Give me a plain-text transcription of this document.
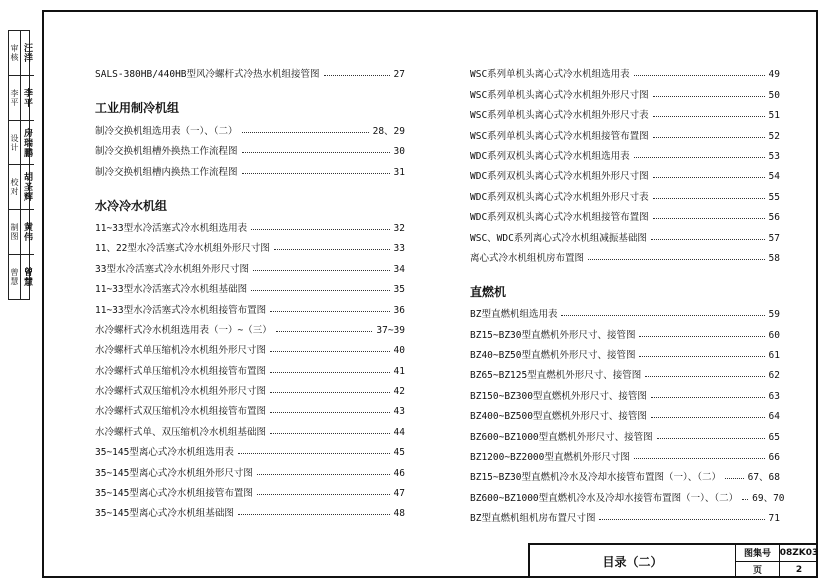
审核
李平
设计
校对
制图
曾慧
汪洋
李平
房瑞鹏
胡圣辉
黄伟
曾慧
SALS-380HB/440HB型风冷螺杆式冷热水机组接管图	27
工业用制冷机组
制冷交换机组选用表（一）、（二）	28、29
制冷交换机组槽外换热工作流程图	30
制冷交换机组槽内换热工作流程图	31
水冷冷水机组
11~33型水冷活塞式冷水机组选用表	32
11、22型水冷活塞式冷水机组外形尺寸图	33
33型水冷活塞式冷水机组外形尺寸图	34
11~33型水冷活塞式冷水机组基础图	35
11~33型水冷活塞式冷水机组接管布置图	36
水冷螺杆式冷水机组选用表（一）~（三）	37~39
水冷螺杆式单压缩机冷水机组外形尺寸图	40
水冷螺杆式单压缩机冷水机组接管布置图	41
水冷螺杆式双压缩机冷水机组外形尺寸图	42
水冷螺杆式双压缩机冷水机组接管布置图	43
水冷螺杆式单、双压缩机冷水机组基础图	44
35~145型离心式冷水机组选用表	45
35~145型离心式冷水机组外形尺寸图	46
35~145型离心式冷水机组接管布置图	47
35~145型离心式冷水机组基础图	48
WSC系列单机头离心式冷水机组选用表	49
WSC系列单机头离心式冷水机组外形尺寸图	50
WSC系列单机头离心式冷水机组外形尺寸表	51
WSC系列单机头离心式冷水机组接管布置图	52
WDC系列双机头离心式冷水机组选用表	53
WDC系列双机头离心式冷水机组外形尺寸图	54
WDC系列双机头离心式冷水机组外形尺寸表	55
WDC系列双机头离心式冷水机组接管布置图	56
WSC、WDC系列离心式冷水机组减振基础图	57
离心式冷水机组机房布置图	58
直燃机
BZ型直燃机组选用表	59
BZ15~BZ30型直燃机外形尺寸、接管图	60
BZ40~BZ50型直燃机外形尺寸、接管图	61
BZ65~BZ125型直燃机外形尺寸、接管图	62
BZ150~BZ300型直燃机外形尺寸、接管图	63
BZ400~BZ500型直燃机外形尺寸、接管图	64
BZ600~BZ1000型直燃机外形尺寸、接管图	65
BZ1200~BZ2000型直燃机外形尺寸图	66
BZ15~BZ30型直燃机冷水及冷却水接管布置图（一）、（二）	67、68
BZ600~BZ1000型直燃机冷水及冷却水接管布置图（一）、（二） 69、70
BZ型直燃机组机房布置尺寸图	71
目录（二）
图集号 08ZK03
页	2
